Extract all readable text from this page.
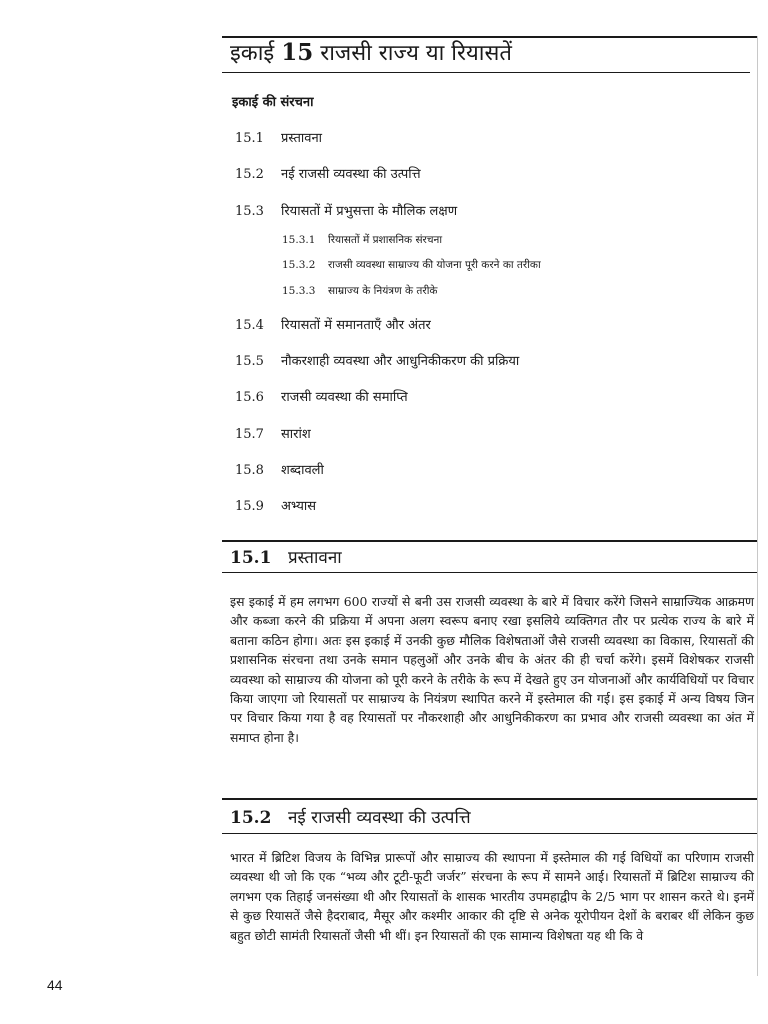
इकाई 15 राजसी राज्य या रियासतें
इकाई की संरचना
15.1	प्रस्तावना
15.2	नई राजसी व्यवस्था की उत्पत्ति
15.3	रियासतों में प्रभुसत्ता के मौलिक लक्षण
15.3.1	रियासतों में प्रशासनिक संरचना
15.3.2	राजसी व्यवस्था साम्राज्य की योजना पूरी करने का तरीका
15.3.3	साम्राज्य के नियंत्रण के तरीके
15.4	रियासतों में समानताएँ और अंतर
15.5	नौकरशाही व्यवस्था और आधुनिकीकरण की प्रक्रिया
15.6	राजसी व्यवस्था की समाप्ति
15.7	सारांश
15.8	शब्दावली
15.9	अभ्यास
15.1 प्रस्तावना

इस इकाई में हम लगभग 600 राज्यों से बनी उस राजसी व्यवस्था के बारे में विचार करेंगे जिसने साम्राज्यिक आक्रमण और कब्जा करने की प्रक्रिया में अपना अलग स्वरूप बनाए रखा इसलिये व्यक्तिगत तौर पर प्रत्येक राज्य के बारे में बताना कठिन होगा। अतः इस इकाई में उनकी कुछ मौलिक विशेषताओं जैसे राजसी व्यवस्था का विकास, रियासतों की प्रशासनिक संरचना तथा उनके समान पहलुओं और उनके बीच के अंतर की ही चर्चा करेंगे। इसमें विशेषकर राजसी व्यवस्था को साम्राज्य की योजना को पूरी करने के तरीके के रूप में देखते हुए उन योजनाओं और कार्यविधियों पर विचार किया जाएगा जो रियासतों पर साम्राज्य के नियंत्रण स्थापित करने में इस्तेमाल की गई। इस इकाई में अन्य विषय जिन पर विचार किया गया है वह रियासतों पर नौकरशाही और आधुनिकीकरण का प्रभाव और राजसी व्यवस्था का अंत में समाप्त होना है।

15.2 नई राजसी व्यवस्था की उत्पत्ति

भारत में ब्रिटिश विजय के विभिन्न प्रारूपों और साम्राज्य की स्थापना में इस्तेमाल की गई विधियों का परिणाम राजसी व्यवस्था थी जो कि एक “भव्य और टूटी-फूटी जर्जर” संरचना के रूप में सामने आई। रियासतों में ब्रिटिश साम्राज्य की लगभग एक तिहाई जनसंख्या थी और रियासतों के शासक भारतीय उपमहाद्वीप के 2/5 भाग पर शासन करते थे। इनमें से कुछ रियासतें जैसे हैदराबाद, मैसूर और कश्मीर आकार की दृष्टि से अनेक यूरोपीयन देशों के बराबर थीं लेकिन कुछ बहुत छोटी सामंती रियासतों जैसी भी थीं। इन रियासतों की एक सामान्य विशेषता यह थी कि वे

44
